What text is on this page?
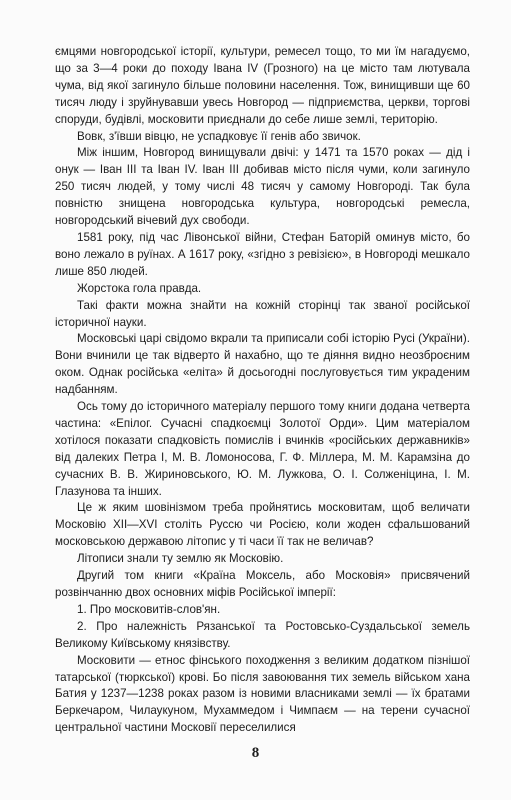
ємцями новгородської історії, культури, ремесел тощо, то ми їм нагадуємо, що за 3—4 роки до походу Івана IV (Грозного) на це місто там лютувала чума, від якої загинуло більше половини населення. Тож, винищивши ще 60 тисяч люду і зруйнувавши увесь Новгород — підприємства, церкви, торгові споруди, будівлі, московити приєднали до себе лише землі, територію.

Вовк, з'ївши вівцю, не успадковує її генів або звичок.

Між іншим, Новгород винищували двічі: у 1471 та 1570 роках — дід і онук — Іван III та Іван IV. Іван III добивав місто після чуми, коли загинуло 250 тисяч людей, у тому числі 48 тисяч у самому Новгороді. Так була повністю знищена новгородська культура, новгородські ремесла, новгородський вічевий дух свободи.

1581 року, під час Лівонської війни, Стефан Баторій оминув місто, бо воно лежало в руїнах. А 1617 року, «згідно з ревізією», в Новгороді мешкало лише 850 людей.

Жорстока гола правда.

Такі факти можна знайти на кожній сторінці так званої російської історичної науки.

Московські царі свідомо вкрали та приписали собі історію Русі (України). Вони вчинили це так відверто й нахабно, що те діяння видно неозброєним оком. Однак російська «еліта» й досьогодні послуговується тим украденим надбанням.

Ось тому до історичного матеріалу першого тому книги додана четверта частина: «Епілог. Сучасні спадкоємці Золотої Орди». Цим матеріалом хотілося показати спадковість помислів і вчинків «російських державників» від далеких Петра I, М. В. Ломоносова, Г. Ф. Міллера, М. М. Карамзіна до сучасних В. В. Жириновського, Ю. М. Лужкова, О. І. Солженіцина, І. М. Глазунова та інших.

Це ж яким шовінізмом треба пройнятись московитам, щоб величати Московію XII—XVI століть Руссю чи Росією, коли жоден сфальшований московською державою літопис у ті часи її так не величав?

Літописи знали ту землю як Московію.

Другий том книги «Країна Моксель, або Московія» присвячений розвінчанню двох основних міфів Російської імперії:

1. Про московитів-слов'ян.

2. Про належність Рязанської та Ростовсько-Суздальської земель Великому Київському князівству.

Московити — етнос фінського походження з великим додатком пізнішої татарської (тюркської) крові. Бо після завоювання тих земель військом хана Батия у 1237—1238 роках разом із новими власниками землі — їх братами Беркечаром, Чилаукуном, Мухаммедом і Чимпаєм — на терени сучасної центральної частини Московії переселилися

8
